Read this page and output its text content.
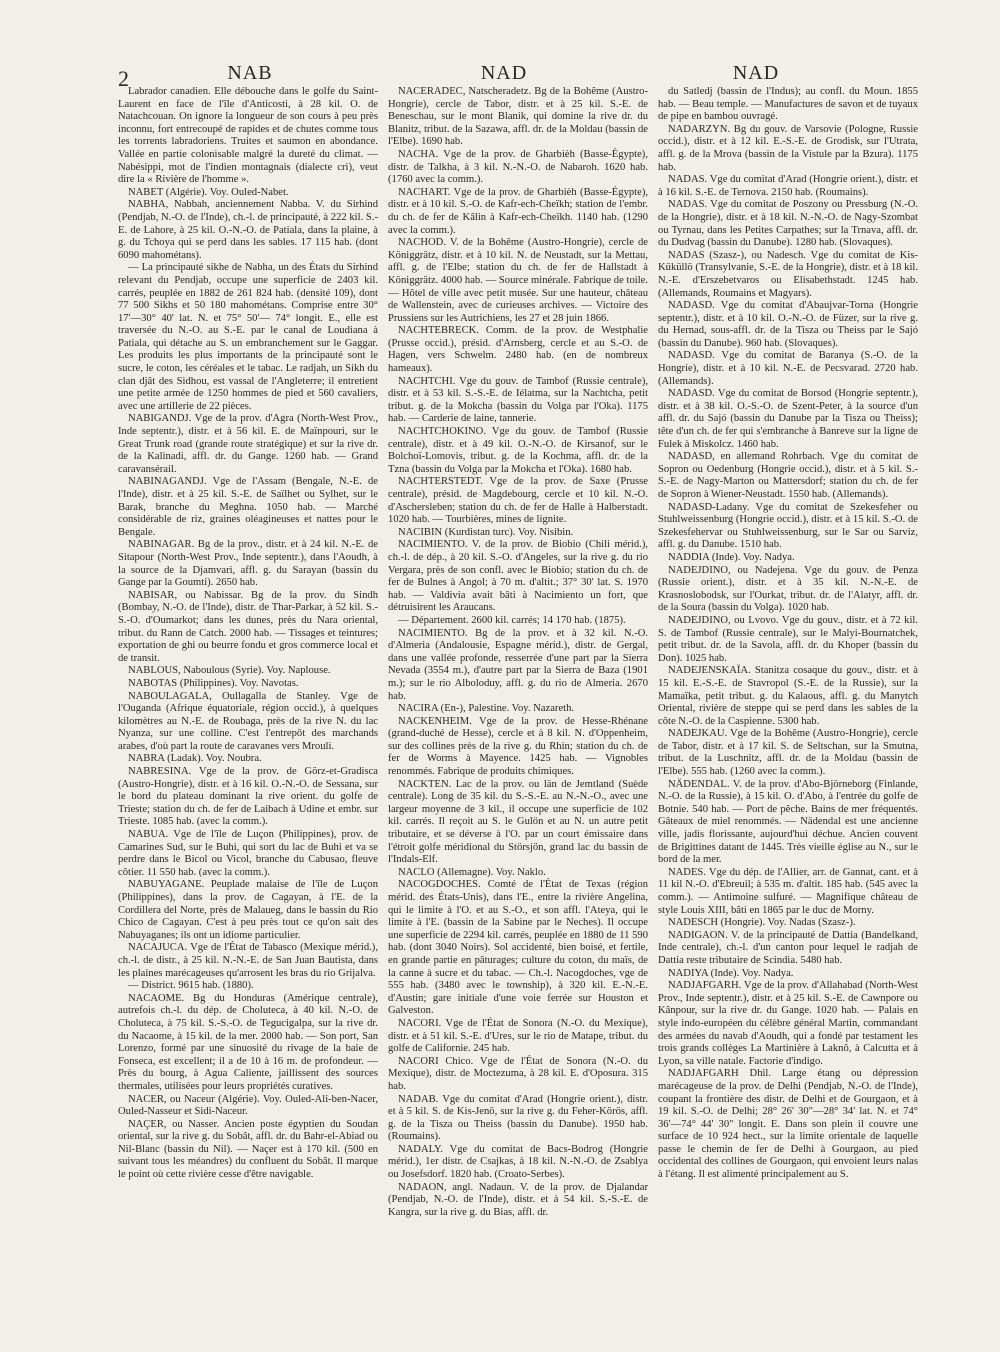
2	NAB	NAD	NAD

Labrador canadien. Elle débouche dans le golfe du Saint-Laurent en face de l'île d'Anticosti, à 28 kil. O. de Natachcouan. On ignore la longueur de son cours à peu près inconnu, fort entrecoupé de rapides et de chutes comme tous les torrents labradoriens. Truites et saumon en abondance. Vallée en partie colonisable malgré la dureté du climat. — Nabésippi, mot de l'indien montagnais (dialecte cri), veut dire la « Rivière de l'homme ».

NABET (Algérie). Voy. Ouled-Nabet.

NABHA, Nabbah, anciennement Nabba. V. du Sirhind (Pendjab, N.-O. de l'Inde), ch.-l. de principauté, à 222 kil. S.-E. de Lahore, à 25 kil. O.-N.-O. de Patiala, dans la plaine, à g. du Tchoya qui se perd dans les sables. 17 115 hab. (dont 6090 mahométans).

— La principauté sikhe de Nabha, un des États du Sirhind relevant du Pendjab, occupe une superficie de 2403 kil. carrés, peuplée en 1882 de 261 824 hab. (densité 109), dont 77 500 Sikhs et 50 180 mahométans. Comprise entre 30° 17'—30° 40' lat. N. et 75° 50'— 74° longit. E., elle est traversée du N.-O. au S.-E. par le canal de Loudiana à Patiala, qui détache au S. un embranchement sur le Gaggar. Les produits les plus importants de la principauté sont le sucre, le coton, les céréales et le tabac. Le radjah, un Sikh du clan djât des Sidhou, est vassal de l'Angleterre; il entretient une petite armée de 1250 hommes de pied et 560 cavaliers, avec une artillerie de 22 pièces.

NABIGANDJ. Vge de la prov. d'Agra (North-West Prov., Inde septentr.), distr. et à 56 kil. E. de Maïnpouri, sur le Great Trunk road (grande route stratégique) et sur la rive dr. de la Kalinadi, affl. dr. du Gange. 1260 hab. — Grand caravansérail.

NABINAGANDJ. Vge de l'Assam (Bengale, N.-E. de l'Inde), distr. et à 25 kil. S.-E. de Saïlhet ou Sylhet, sur le Barak, branche du Meghna. 1050 hab. — Marché considérable de riz, graines oléagineuses et nattes pour le Bengale.

NABINAGAR. Bg de la prov., distr. et à 24 kil. N.-E. de Sitapour (North-West Prov., Inde septentr.), dans l'Aoudh, à la source de la Djamvari, affl. g. du Sarayan (bassin du Gange par la Goumti). 2650 hab.

NABISAR, ou Nabissar. Bg de la prov. du Sindh (Bombay, N.-O. de l'Inde), distr. de Thar-Parkar, à 52 kil. S.-S.-O. d'Oumarkot; dans les dunes, près du Nara oriental, tribut. du Rann de Catch. 2000 hab. — Tissages et teintures; exportation de ghi ou beurre fondu et gros commerce local et de transit.

NABLOUS, Naboulous (Syrie). Voy. Naplouse.

NABOTAS (Philippines). Voy. Navotas.

NABOULAGALA, Oullagalla de Stanley. Vge de l'Ouganda (Afrique équatoriale, région occid.), à quelques kilomètres au N.-E. de Roubaga, près de la rive N. du lac Nyanza, sur une colline. C'est l'entrepôt des marchands arabes, d'où part la route de caravanes vers Mrouli.

NABRA (Ladak). Voy. Noubra.

NABRESINA. Vge de la prov. de Görz-et-Gradisca (Austro-Hongrie), distr. et à 16 kil. O.-N.-O. de Sessana, sur le bord du plateau dominant la rive orient. du golfe de Trieste; station du ch. de fer de Laibach à Udine et embr. sur Trieste. 1085 hab. (avec la comm.).

NABUA. Vge de l'île de Luçon (Philippines), prov. de Camarines Sud, sur le Buhi, qui sort du lac de Buhi et va se perdre dans le Bicol ou Vicol, branche du Cabusao, fleuve côtier. 11 550 hab. (avec la comm.).

NABUYAGANE. Peuplade malaise de l'île de Luçon (Philippines), dans la prov. de Cagayan, à l'E. de la Cordillera del Norte, près de Malaueg, dans le bassin du Rio Chico de Cagayan. C'est à peu près tout ce qu'on sait des Nabuyaganes; ils ont un idiome particulier.

NACAJUCA. Vge de l'État de Tabasco (Mexique mérid.), ch.-l. de distr., à 25 kil. N.-N.-E. de San Juan Bautista, dans les plaines marécageuses qu'arrosent les bras du rio Grijalva.

— District. 9615 hab. (1880).

NACAOME. Bg du Honduras (Amérique centrale), autrefois ch.-l. du dép. de Choluteca, à 40 kil. N.-O. de Choluteca, à 75 kil. S.-S.-O. de Tegucigalpa, sur la rive dr. du Nacaome, à 15 kil. de la mer. 2000 hab. — Son port, San Lorenzo, formé par une sinuosité du rivage de la baie de Fonseca, est excellent; il a de 10 à 16 m. de profondeur. — Près du bourg, à Agua Caliente, jaillissent des sources thermales, utilisées pour leurs propriétés curatives.

NACER, ou Naceur (Algérie). Voy. Ouled-Ali-ben-Nacer, Ouled-Nasseur et Sidi-Naceur.

NAÇER, ou Nasser. Ancien poste égyptien du Soudan oriental, sur la rive g. du Sobât, affl. dr. du Bahr-el-Abiad ou Nil-Blanc (bassin du Nil). — Naçer est à 170 kil. (500 en suivant tous les méandres) du confluent du Sobât. Il marque le point où cette rivière cesse d'être navigable.

NACERADEC, Natscheradetz. Bg de la Bohême (Austro-Hongrie), cercle de Tabor, distr. et à 25 kil. S.-E. de Beneschau, sur le mont Blanik, qui domine la rive dr. du Blanitz, tribut. de la Sazawa, affl. dr. de la Moldau (bassin de l'Elbe). 1690 hab.

NACHA. Vge de la prov. de Gharbièh (Basse-Égypte), distr. de Talkha, à 3 kil. N.-N.-O. de Nabaroh. 1620 hab. (1760 avec la comm.).

NACHART. Vge de la prov. de Gharbièh (Basse-Égypte), distr. et à 10 kil. S.-O. de Kafr-ech-Cheïkh; station de l'embr. du ch. de fer de Kâlin à Kafr-ech-Cheïkh. 1140 hab. (1290 avec la comm.).

NACHOD. V. de la Bohême (Austro-Hongrie), cercle de Königgrätz, distr. et à 10 kil. N. de Neustadt, sur la Mettau, affl. g. de l'Elbe; station du ch. de fer de Hallstadt à Königgrätz. 4000 hab. — Source minérale. Fabrique de toile. — Hôtel de ville avec petit musée. Sur une hauteur, château de Wallenstein, avec de curieuses archives. — Victoire des Prussiens sur les Autrichiens, les 27 et 28 juin 1866.

NACHTEBRECK. Comm. de la prov. de Westphalie (Prusse occid.), présid. d'Arnsberg, cercle et au S.-O. de Hagen, vers Schwelm. 2480 hab. (en de nombreux hameaux).

NACHTCHI. Vge du gouv. de Tambof (Russie centrale), distr. et à 53 kil. S.-S.-E. de Iélatma, sur la Nachtcha, petit tribut. g. de la Mokcha (bassin du Volga par l'Oka). 1175 hab. — Carderie de laine, tannerie.

NACHTCHOKINO. Vge du gouv. de Tambof (Russie centrale), distr. et à 49 kil. O.-N.-O. de Kirsanof, sur le Bolchoï-Lomovis, tribut. g. de la Kochma, affl. dr. de la Tzna (bassin du Volga par la Mokcha et l'Oka). 1680 hab.

NACHTERSTEDT. Vge de la prov. de Saxe (Prusse centrale), présid. de Magdebourg, cercle et 10 kil. N.-O. d'Aschersleben; station du ch. de fer de Halle à Halberstadt. 1020 hab. — Tourbières, mines de lignite.

NACIBIN (Kurdistan turc). Voy. Nisibin.

NACIMIENTO. V. de la prov. de Biobio (Chili mérid.), ch.-l. de dép., à 20 kil. S.-O. d'Angeles, sur la rive g. du rio Vergara, près de son confl. avec le Biobio; station du ch. de fer de Bulnes à Angol; à 70 m. d'altit.; 37° 30' lat. S. 1970 hab. — Valdivia avait bâti à Nacimiento un fort, que détruisirent les Araucans.

— Département. 2600 kil. carrés; 14 170 hab. (1875).

NACIMIENTO. Bg de la prov. et à 32 kil. N.-O. d'Almeria (Andalousie, Espagne mérid.), distr. de Gergal, dans une vallée profonde, resserrée d'une part par la Sierra Nevada (3554 m.), d'autre part par la Sierra de Baza (1901 m.); sur le rio Alboloduy, affl. g. du rio de Almeria. 2670 hab.

NACIRA (En-), Palestine. Voy. Nazareth.

NACKENHEIM. Vge de la prov. de Hesse-Rhénane (grand-duché de Hesse), cercle et à 8 kil. N. d'Oppenheim, sur des collines près de la rive g. du Rhin; station du ch. de fer de Worms à Mayence. 1425 hab. — Vignobles renommés. Fabrique de produits chimiques.

NACKTEN. Lac de la prov. ou län de Jemtland (Suède centrale). Long de 35 kil. du S.-S.-E. au N.-N.-O., avec une largeur moyenne de 3 kil., il occupe une superficie de 102 kil. carrés. Il reçoit au S. le Gulön et au N. un autre petit tributaire, et se déverse à l'O. par un court émissaire dans l'étroit golfe méridional du Störsjön, grand lac du bassin de l'Indals-Elf.

NACLO (Allemagne). Voy. Naklo.

NACOGDOCHES. Comté de l'État de Texas (région mérid. des États-Unis), dans l'E., entre la rivière Angelina, qui le limite à l'O. et au S.-O., et son affl. l'Ateya, qui le limite à l'E. (bassin de la Sabine par le Neches). Il occupe une superficie de 2294 kil. carrés, peuplée en 1880 de 11 590 hab. (dont 3040 Noirs). Sol accidenté, bien boisé, et fertile, en grande partie en pâturages; culture du coton, du maïs, de la canne à sucre et du tabac. — Ch.-l. Nacogdoches, vge de 555 hab. (3480 avec le township), à 320 kil. E.-N.-E. d'Austin; gare initiale d'une voie ferrée sur Houston et Galveston.

NACORI. Vge de l'État de Sonora (N.-O. du Mexique), distr. et à 51 kil. S.-E. d'Ures, sur le rio de Matape, tribut. du golfe de Californie. 245 hab.

NACORI Chico. Vge de l'État de Sonora (N.-O. du Mexique), distr. de Moctezuma, à 28 kil. E. d'Oposura. 315 hab.

NADAB. Vge du comitat d'Arad (Hongrie orient.), distr. et à 5 kil. S. de Kis-Jenö, sur la rive g. du Feher-Körös, affl. g. de la Tisza ou Theiss (bassin du Danube). 1950 hab. (Roumains).

NADALY. Vge du comitat de Bacs-Bodrog (Hongrie mérid.), 1er distr. de Csajkas, à 18 kil. N.-N.-O. de Zsablya ou Josefsdorf. 1820 hab. (Croato-Serbes).

NADAON, angl. Nadaun. V. de la prov. de Djalandar (Pendjab, N.-O. de l'Inde), distr. et à 54 kil. S.-S.-E. de Kangra, sur la rive g. du Bias, affl. dr.

du Satledj (bassin de l'Indus); au confl. du Moun. 1855 hab. — Beau temple. — Manufactures de savon et de tuyaux de pipe en bambou ouvragé.

NADARZYN. Bg du gouv. de Varsovie (Pologne, Russie occid.), distr. et à 12 kil. E.-S.-E. de Grodisk, sur l'Utrata, affl. g. de la Mrova (bassin de la Vistule par la Bzura). 1175 hab.

NADAS. Vge du comitat d'Arad (Hongrie orient.), distr. et à 16 kil. S.-E. de Ternova. 2150 hab. (Roumains).

NADAS. Vge du comitat de Poszony ou Pressburg (N.-O. de la Hongrie), distr. et à 18 kil. N.-N.-O. de Nagy-Szombat ou Tyrnau, dans les Petites Carpathes; sur la Trnava, affl. dr. du Dudvag (bassin du Danube). 1280 hab. (Slovaques).

NADAS (Szasz-), ou Nadesch. Vge du comitat de Kis-Küküllö (Transylvanie, S.-E. de la Hongrie), distr. et à 18 kil. N.-E. d'Erszebetvaros ou Elisabethstadt. 1245 hab. (Allemands, Roumains et Magyars).

NADASD. Vge du comitat d'Abaujvar-Torna (Hongrie septentr.), distr. et à 10 kil. O.-N.-O. de Füzer, sur la rive g. du Hernad, sous-affl. dr. de la Tisza ou Theiss par le Sajó (bassin du Danube). 960 hab. (Slovaques).

NADASD. Vge du comitat de Baranya (S.-O. de la Hongrie), distr. et à 10 kil. N.-E. de Pecsvarad. 2720 hab. (Allemands).

NADASD. Vge du comitat de Borsod (Hongrie septentr.), distr. et à 38 kil. O.-S.-O. de Szent-Peter, à la source d'un affl. dr. du Sajó (bassin du Danube par la Tisza ou Theiss); tête d'un ch. de fer qui s'embranche à Banreve sur la ligne de Fulek à Miskolcz. 1460 hab.

NADASD, en allemand Rohrbach. Vge du comitat de Sopron ou Oedenburg (Hongrie occid.), distr. et à 5 kil. S.-S.-E. de Nagy-Marton ou Mattersdorf; station du ch. de fer de Sopron à Wiener-Neustadt. 1550 hab. (Allemands).

NADASD-Ladany. Vge du comitat de Szekesfeher ou Stuhlweissenburg (Hongrie occid.), distr. et à 15 kil. S.-O. de Szekesfehervar ou Stuhlweissenburg, sur le Sar ou Sarviz, affl. g. du Danube. 1510 hab.

NADDIA (Inde). Voy. Nadya.

NADEJDINO, ou Nadejena. Vge du gouv. de Penza (Russie orient.), distr. et à 35 kil. N.-N.-E. de Krasnoslobodsk, sur l'Ourkat, tribut. dr. de l'Alatyr, affl. dr. de la Soura (bassin du Volga). 1020 hab.

NADEJDINO, ou Lvovo. Vge du gouv., distr. et à 72 kil. S. de Tambof (Russie centrale), sur le Malyi-Bournatchek, petit tribut. dr. de la Savola, affl. dr. du Khoper (bassin du Don). 1025 hab.

NADEJENSKAÏA. Stanitza cosaque du gouv., distr. et à 15 kil. E.-S.-E. de Stavropol (S.-E. de la Russie), sur la Mamaïka, petit tribut. g. du Kalaous, affl. g. du Manytch Oriental, rivière de steppe qui se perd dans les sables de la côte N.-O. de la Caspienne. 5300 hab.

NADEJKAU. Vge de la Bohême (Austro-Hongrie), cercle de Tabor, distr. et à 17 kil. S. de Seltschan, sur la Smutna, tribut. de la Luschnitz, affl. dr. de la Moldau (bassin de l'Elbe). 555 hab. (1260 avec la comm.).

NÄDENDAL. V. de la prov. d'Abo-Björneborg (Finlande, N.-O. de la Russie), à 15 kil. O. d'Abo, à l'entrée du golfe de Botnie. 540 hab. — Port de pêche. Bains de mer fréquentés. Gâteaux de miel renommés. — Nädendal est une ancienne ville, jadis florissante, aujourd'hui déchue. Ancien couvent de Brigittines datant de 1445. Très vieille église au N., sur le bord de la mer.

NADES. Vge du dép. de l'Allier, arr. de Gannat, cant. et à 11 kil N.-O. d'Ebreuil; à 535 m. d'altit. 185 hab. (545 avec la comm.). — Antimoine sulfuré. — Magnifique château de style Louis XIII, bâti en 1865 par le duc de Morny.

NADESCH (Hongrie). Voy. Nadas (Szasz-).

NADIGAON. V. de la principauté de Dattia (Bandelkand, Inde centrale), ch.-l. d'un canton pour lequel le radjah de Dattia reste tributaire de Scindia. 5480 hab.

NADIYA (Inde). Voy. Nadya.

NADJAFGARH. Vge de la prov. d'Allahabad (North-West Prov., Inde septentr.), distr. et à 25 kil. S.-E. de Cawnpore ou Kânpour, sur la rive dr. du Gange. 1020 hab. — Palais en style indo-européen du célèbre général Martin, commandant des armées du navab d'Aoudh, qui a fondé par testament les trois grands collèges La Martinière à Laknô, à Calcutta et à Lyon, sa ville natale. Factorie d'indigo.

NADJAFGARH Dhil. Large étang ou dépression marécageuse de la prov. de Delhi (Pendjab, N.-O. de l'Inde), coupant la frontière des distr. de Delhi et de Gourgaon, et à 19 kil. S.-O. de Delhi; 28° 26' 30"—28° 34' lat. N. et 74° 36'—74° 44' 30" longit. E. Dans son plein il couvre une surface de 10 924 hect., sur la limite orientale de laquelle passe le chemin de fer de Delhi à Gourgaon, au pied occidental des collines de Gourgaon, qui envoient leurs nalas à l'étang. Il est alimenté principalement au S.
